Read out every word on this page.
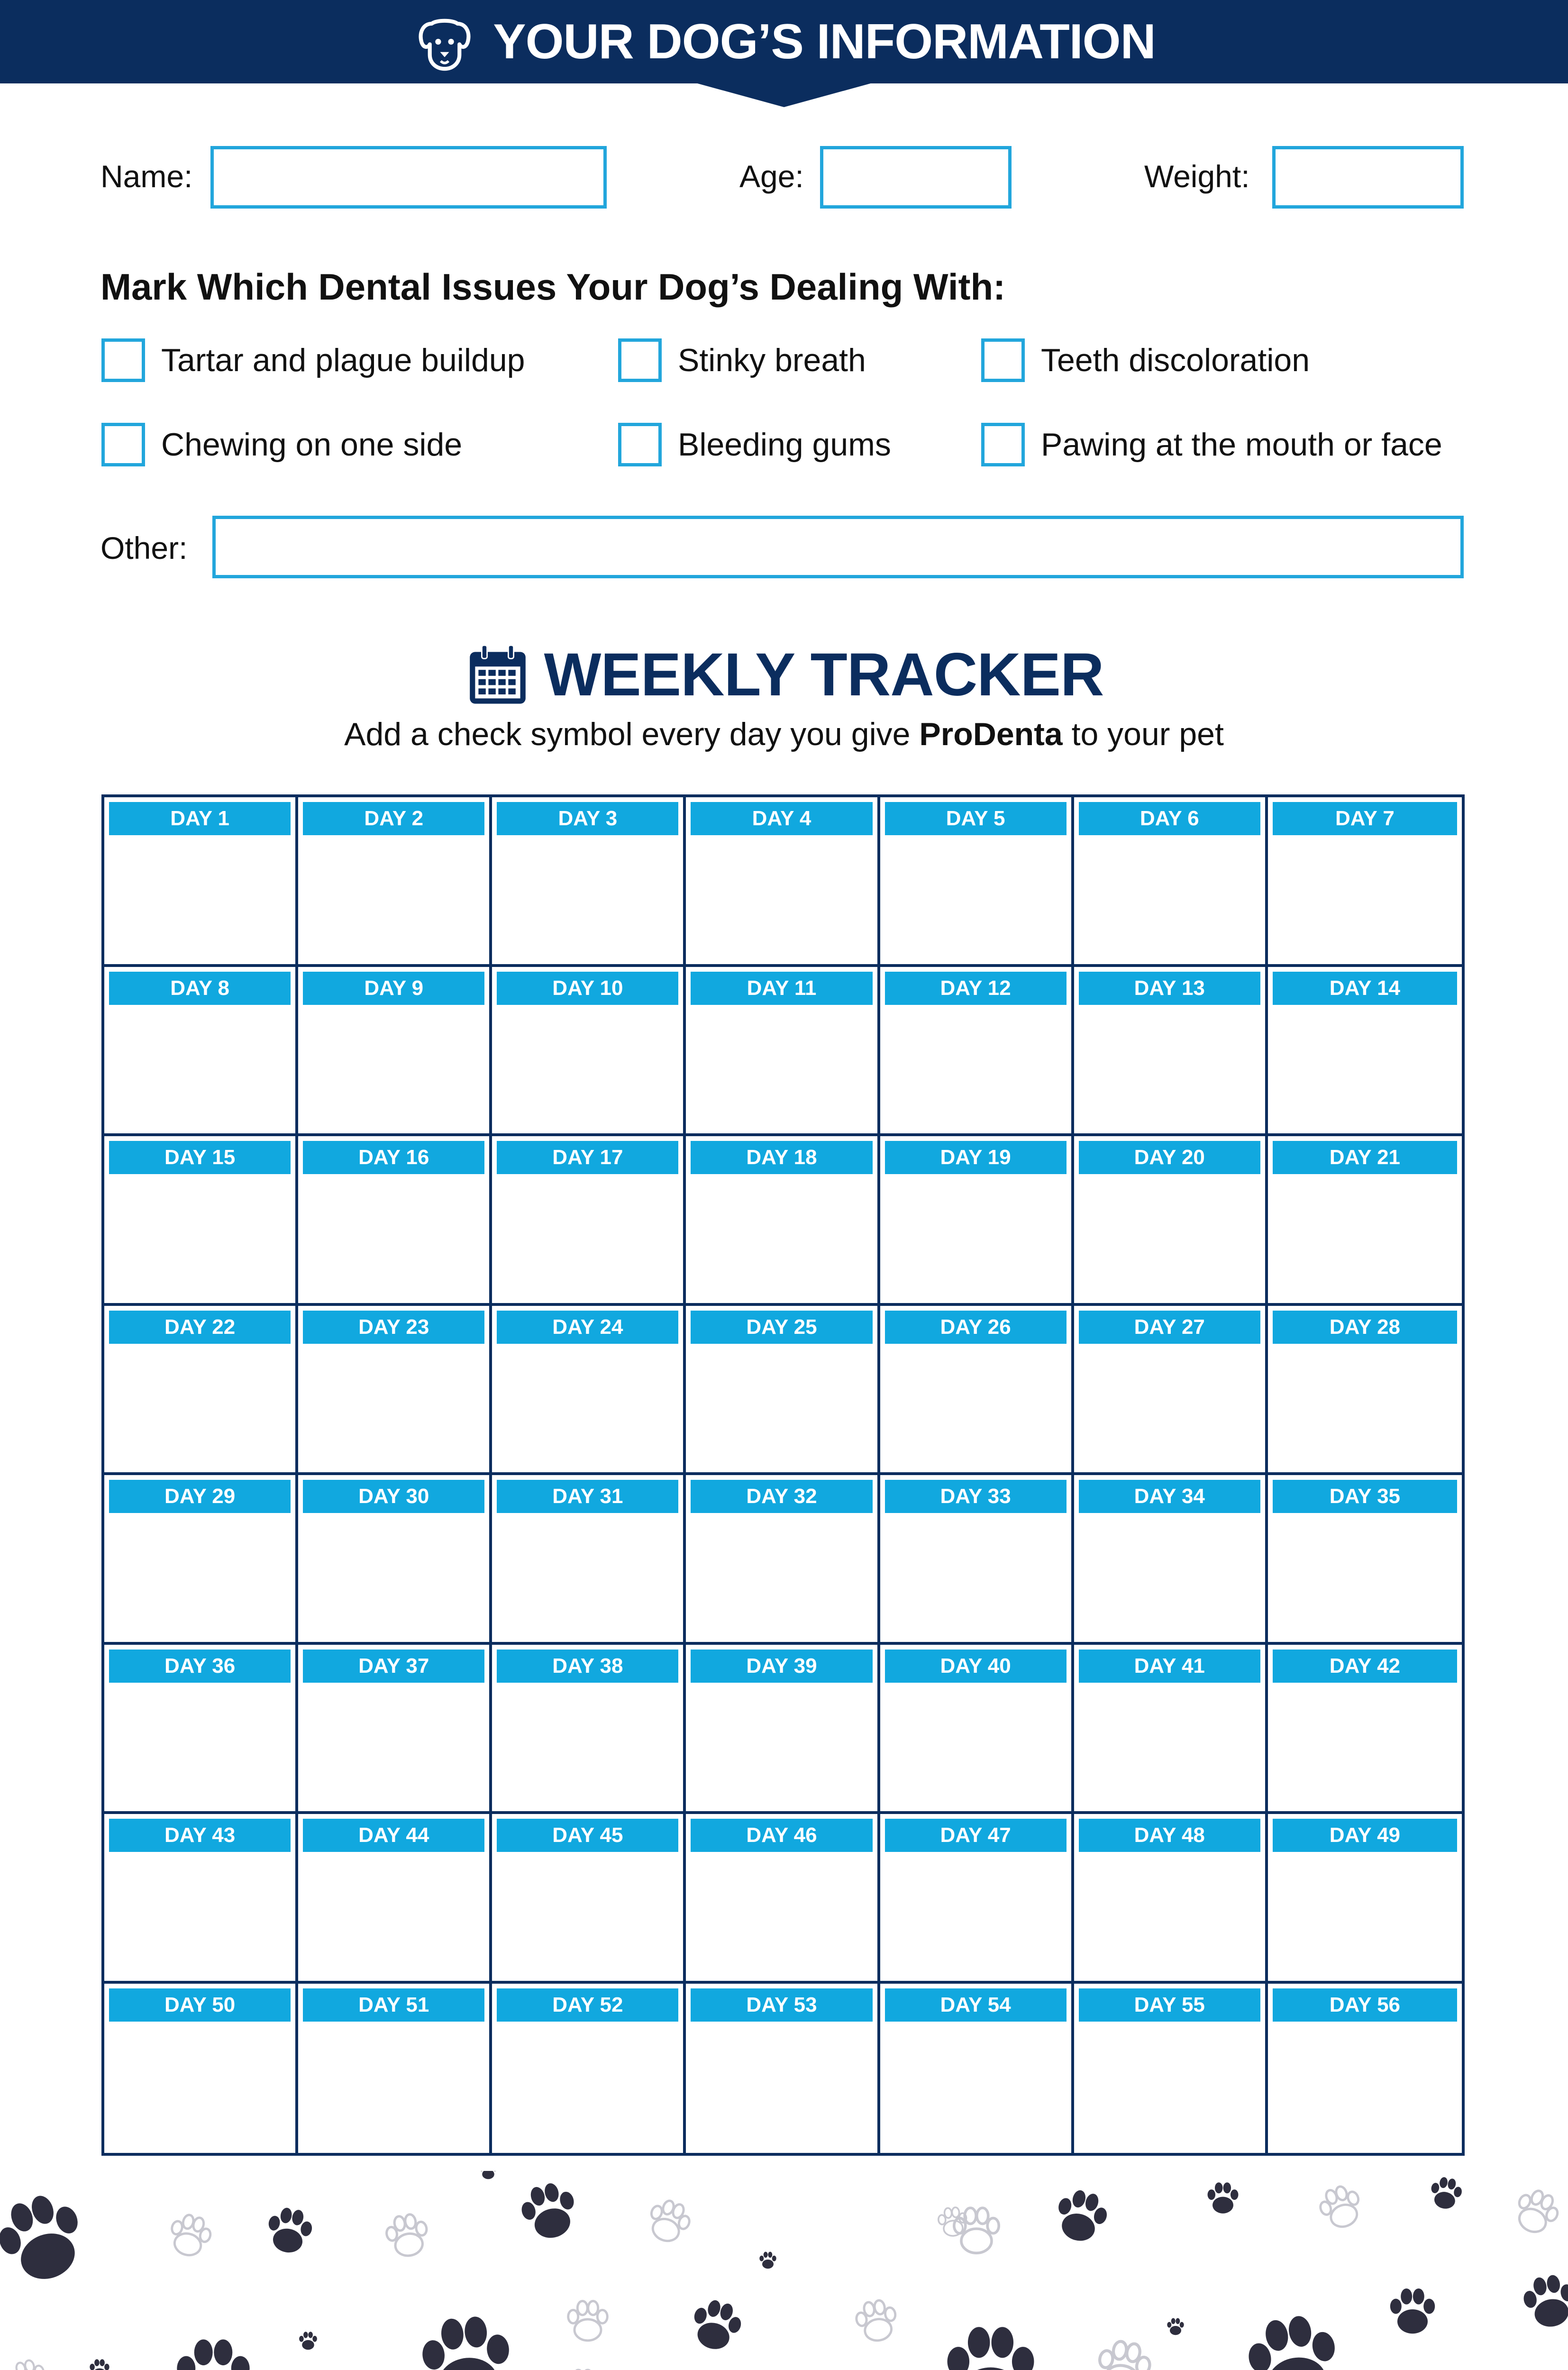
YOUR DOG’S INFORMATION
Name:	Age:	Weight:
Mark Which Dental Issues Your Dog’s Dealing With:
Tartar and plague buildup	Stinky breath	Teeth discoloration
Chewing on one side	Bleeding gums	Pawing at the mouth or face
Other:
WEEKLY TRACKER
Add a check symbol every day you give ProDenta to your pet
DAY 1	DAY 2	DAY 3	DAY 4	DAY 5	DAY 6	DAY 7
DAY 8	DAY 9	DAY 10	DAY 11	DAY 12	DAY 13	DAY 14
DAY 15	DAY 16	DAY 17	DAY 18	DAY 19	DAY 20	DAY 21
DAY 22	DAY 23	DAY 24	DAY 25	DAY 26	DAY 27	DAY 28
DAY 29	DAY 30	DAY 31	DAY 32	DAY 33	DAY 34	DAY 35
DAY 36	DAY 37	DAY 38	DAY 39	DAY 40	DAY 41	DAY 42
DAY 43	DAY 44	DAY 45	DAY 46	DAY 47	DAY 48	DAY 49
DAY 50	DAY 51	DAY 52	DAY 53	DAY 54	DAY 55	DAY 56
